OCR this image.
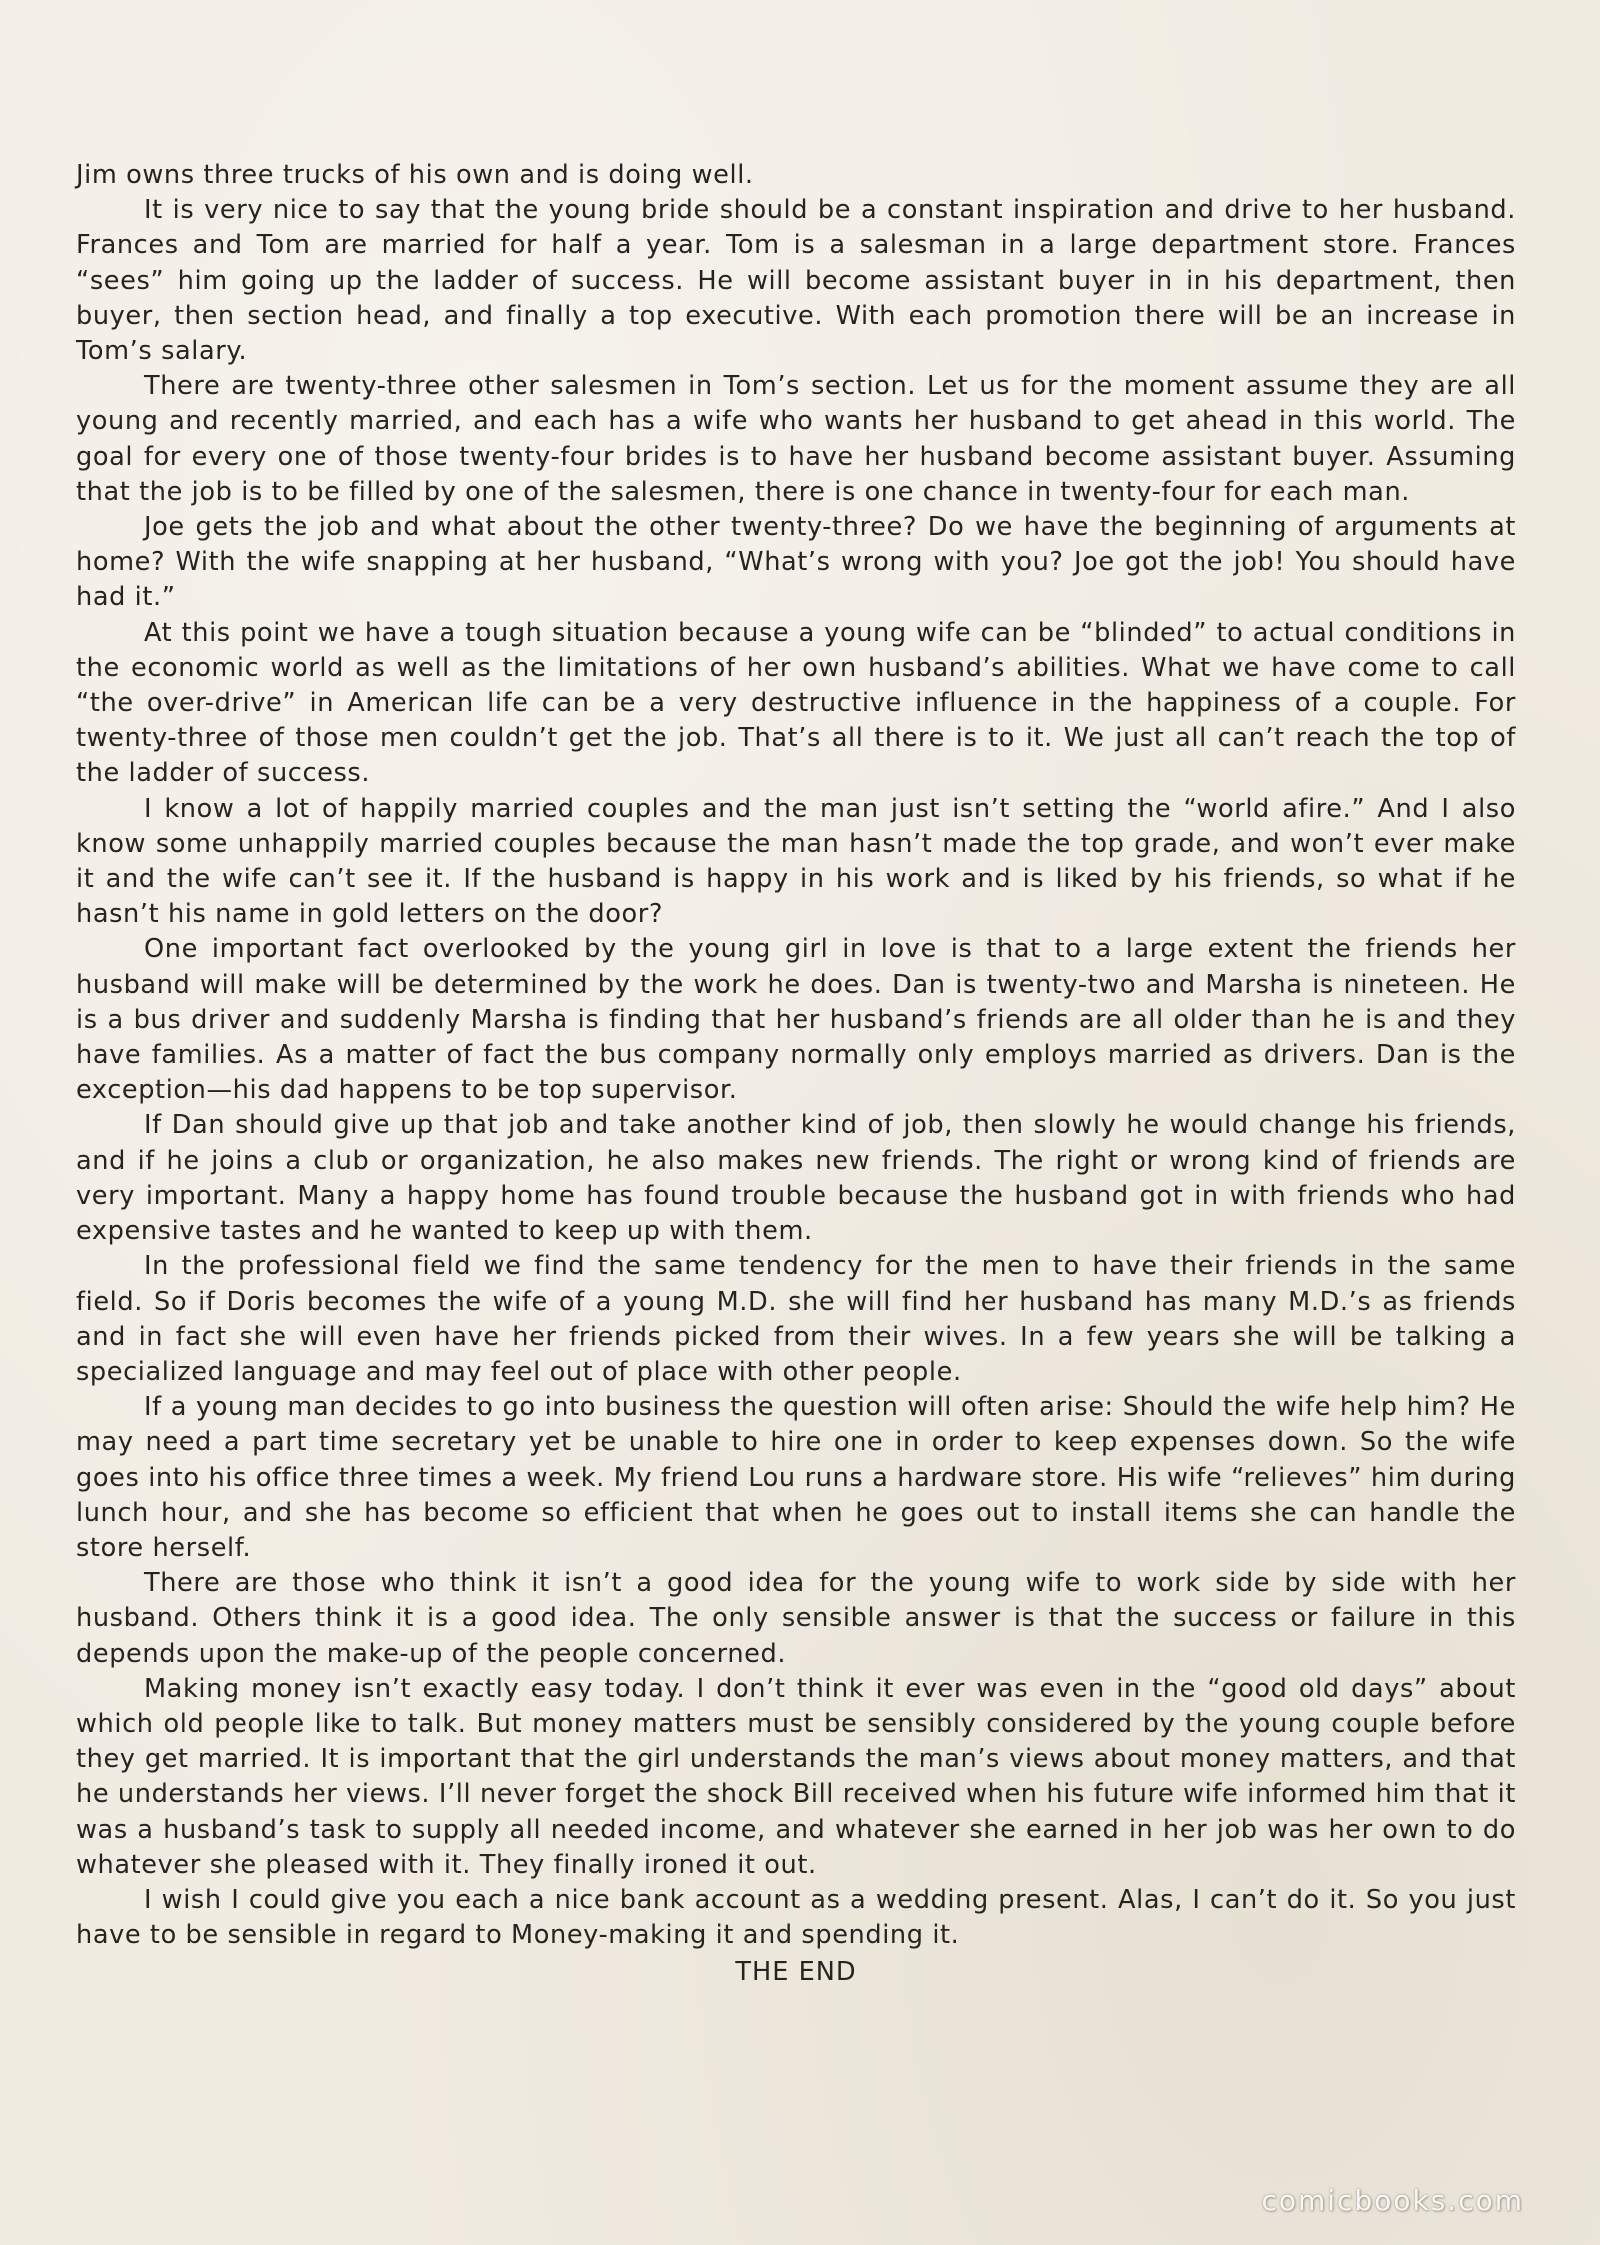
Jim owns three trucks of his own and is doing well.

It is very nice to say that the young bride should be a constant inspiration and drive to her husband. Frances and Tom are married for half a year. Tom is a salesman in a large department store. Frances “sees” him going up the ladder of success. He will become assistant buyer in in his department, then buyer, then section head, and finally a top executive. With each promotion there will be an increase in Tom’s salary.

There are twenty-three other salesmen in Tom’s section. Let us for the moment assume they are all young and recently married, and each has a wife who wants her husband to get ahead in this world. The goal for every one of those twenty-four brides is to have her husband become assistant buyer. Assuming that the job is to be filled by one of the salesmen, there is one chance in twenty-four for each man.

Joe gets the job and what about the other twenty-three? Do we have the beginning of arguments at home? With the wife snapping at her husband, “What’s wrong with you? Joe got the job! You should have had it.”

At this point we have a tough situation because a young wife can be “blinded” to actual conditions in the economic world as well as the limitations of her own husband’s abilities. What we have come to call “the over-drive” in American life can be a very destructive influence in the happiness of a couple. For twenty-three of those men couldn’t get the job. That’s all there is to it. We just all can’t reach the top of the ladder of success.

I know a lot of happily married couples and the man just isn’t setting the “world afire.” And I also know some unhappily married couples because the man hasn’t made the top grade, and won’t ever make it and the wife can’t see it. If the husband is happy in his work and is liked by his friends, so what if he hasn’t his name in gold letters on the door?

One important fact overlooked by the young girl in love is that to a large extent the friends her husband will make will be determined by the work he does. Dan is twenty-two and Marsha is nineteen. He is a bus driver and suddenly Marsha is finding that her husband’s friends are all older than he is and they have families. As a matter of fact the bus company normally only employs married as drivers. Dan is the exception—his dad happens to be top supervisor.

If Dan should give up that job and take another kind of job, then slowly he would change his friends, and if he joins a club or organization, he also makes new friends. The right or wrong kind of friends are very important. Many a happy home has found trouble because the husband got in with friends who had expensive tastes and he wanted to keep up with them.

In the professional field we find the same tendency for the men to have their friends in the same field. So if Doris becomes the wife of a young M.D. she will find her husband has many M.D.’s as friends and in fact she will even have her friends picked from their wives. In a few years she will be talking a specialized language and may feel out of place with other people.

If a young man decides to go into business the question will often arise: Should the wife help him? He may need a part time secretary yet be unable to hire one in order to keep expenses down. So the wife goes into his office three times a week. My friend Lou runs a hardware store. His wife “relieves” him during lunch hour, and she has become so efficient that when he goes out to install items she can handle the store herself.

There are those who think it isn’t a good idea for the young wife to work side by side with her husband. Others think it is a good idea. The only sensible answer is that the success or failure in this depends upon the make-up of the people concerned.

Making money isn’t exactly easy today. I don’t think it ever was even in the “good old days” about which old people like to talk. But money matters must be sensibly considered by the young couple before they get married. It is important that the girl understands the man’s views about money matters, and that he understands her views. I’ll never forget the shock Bill received when his future wife informed him that it was a husband’s task to supply all needed income, and whatever she earned in her job was her own to do whatever she pleased with it. They finally ironed it out.

I wish I could give you each a nice bank account as a wedding present. Alas, I can’t do it. So you just have to be sensible in regard to Money-making it and spending it.

THE END

comicbooks.com
